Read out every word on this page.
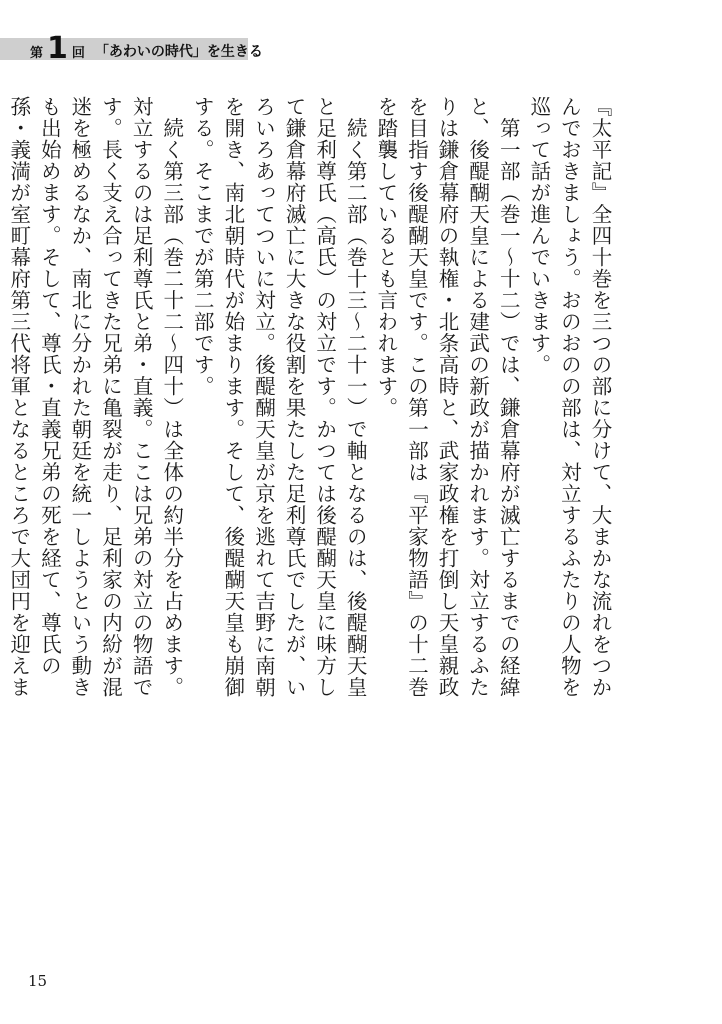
第 1 回 「あわいの時代」を生きる

『太平記』全四十巻を三つの部に分けて、大まかな流れをつかんでおきましょう。おのおのの部は、対立するふたりの人物を巡って話が進んでいきます。

　第一部（巻一〜十二）では、鎌倉幕府が滅亡するまでの経緯と、後醍醐天皇による建武の新政が描かれます。対立するふたりは鎌倉幕府の執権・北条高時と、武家政権を打倒し天皇親政を目指す後醍醐天皇です。この第一部は『平家物語』の十二巻を踏襲しているとも言われます。

　続く第二部（巻十三〜二十一）で軸となるのは、後醍醐天皇と足利尊氏（高氏）の対立です。かつては後醍醐天皇に味方して鎌倉幕府滅亡に大きな役割を果たした足利尊氏でしたが、いろいろあってついに対立。後醍醐天皇が京を逃れて吉野に南朝を開き、南北朝時代が始まります。そして、後醍醐天皇も崩御する。そこまでが第二部です。

　続く第三部（巻二十二〜四十）は全体の約半分を占めます。対立するのは足利尊氏と弟・直義。ここは兄弟の対立の物語です。長く支え合ってきた兄弟に亀裂が走り、足利家の内紛が混迷を極めるなか、南北に分かれた朝廷を統一しようという動きも出始めます。そして、尊氏・直義兄弟の死を経て、尊氏の孫・義満が室町幕府第三代将軍となるところで大団円を迎えま

15
